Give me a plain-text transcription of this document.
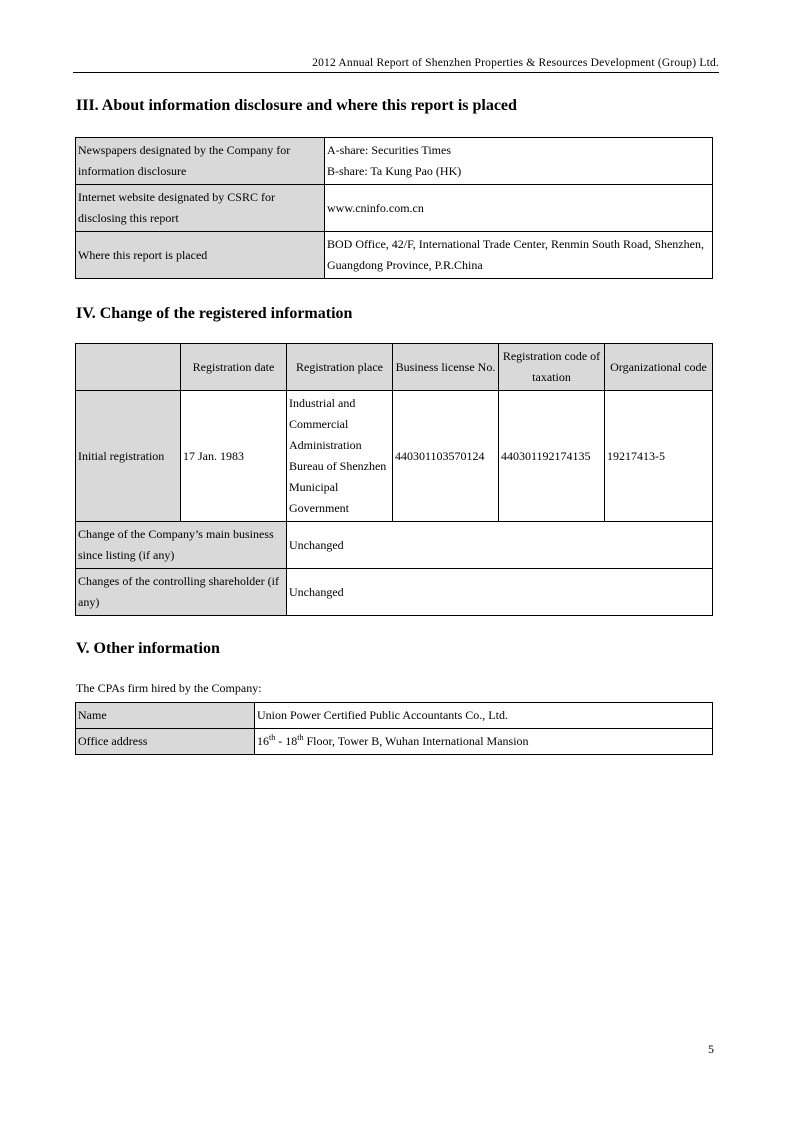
2012 Annual Report of Shenzhen Properties & Resources Development (Group) Ltd.
III. About information disclosure and where this report is placed
Newspapers designated by the Company for information disclosure	A-share: Securities Times
B-share: Ta Kung Pao (HK)

Internet website designated by CSRC for disclosing this report	www.cninfo.com.cn
Where this report is placed	BOD Office, 42/F, International Trade Center, Renmin South Road, Shenzhen, Guangdong Province, P.R.China
IV. Change of the registered information
	Registration date	Registration place	Business license No.	Registration code of taxation	Organizational code
Initial registration	17 Jan. 1983	Industrial and Commercial Administration Bureau of Shenzhen Municipal Government	440301103570124	440301192174135	19217413-5
Change of the Company’s main business since listing (if any)		Unchanged			
Changes of the controlling shareholder (if any)		Unchanged			
V. Other information
The CPAs firm hired by the Company:
Name	Union Power Certified Public Accountants Co., Ltd.
Office address	16th - 18th Floor, Tower B, Wuhan International Mansion
5
